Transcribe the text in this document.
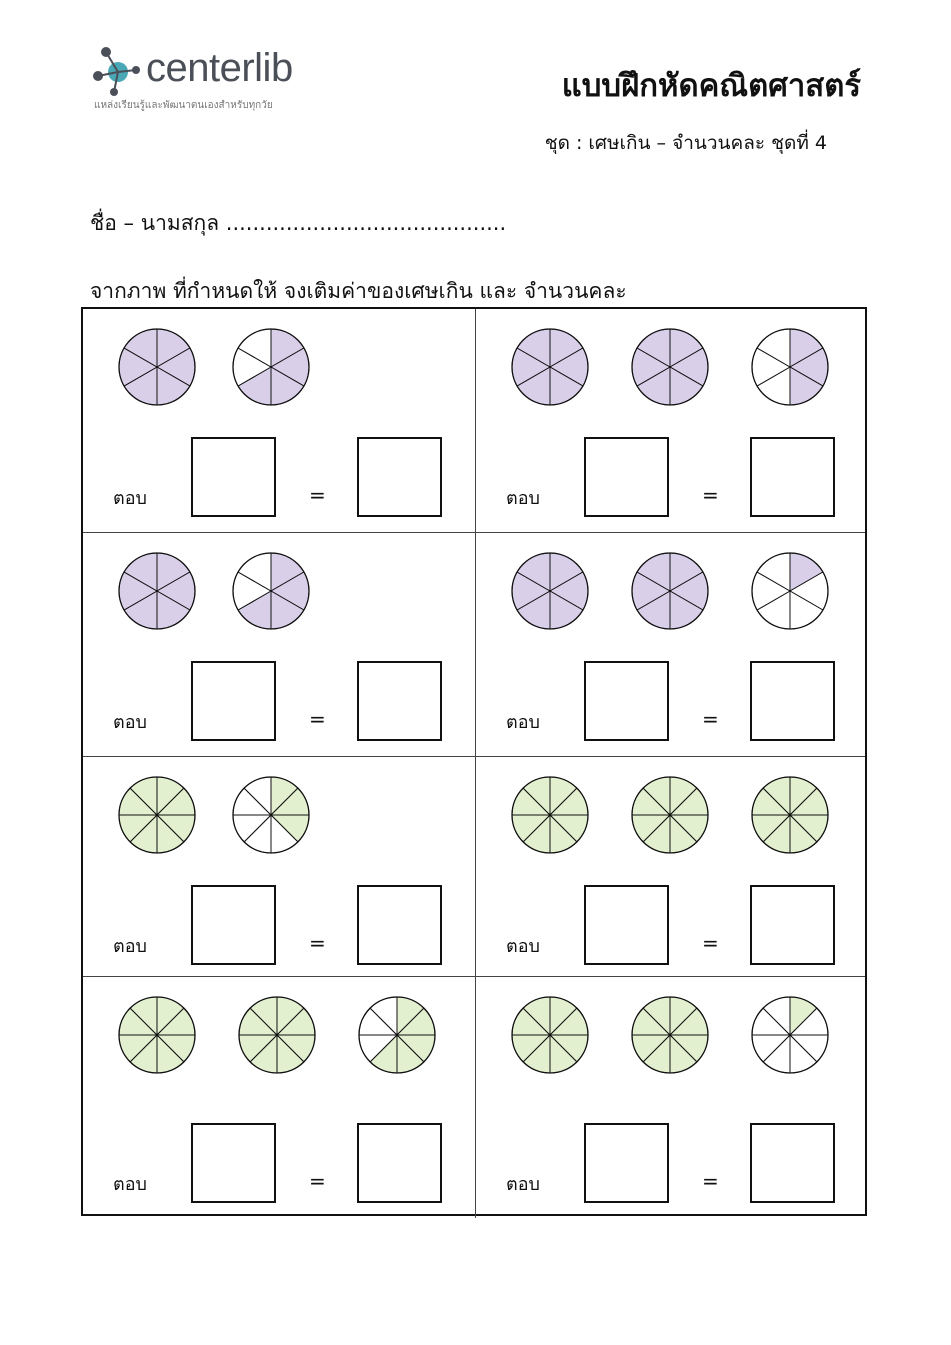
centerlib
แหล่งเรียนรู้และพัฒนาตนเองสำหรับทุกวัย
แบบฝึกหัดคณิตศาสตร์
ชุด : เศษเกิน – จำนวนคละ ชุดที่ 4
ชื่อ – นามสกุล ..........................................
จากภาพ ที่กำหนดให้ จงเติมค่าของเศษเกิน และ จำนวนคละ
ตอบ	=	ตอบ	=
ตอบ	=	ตอบ	=
ตอบ	=	ตอบ	=
ตอบ	=	ตอบ	=
